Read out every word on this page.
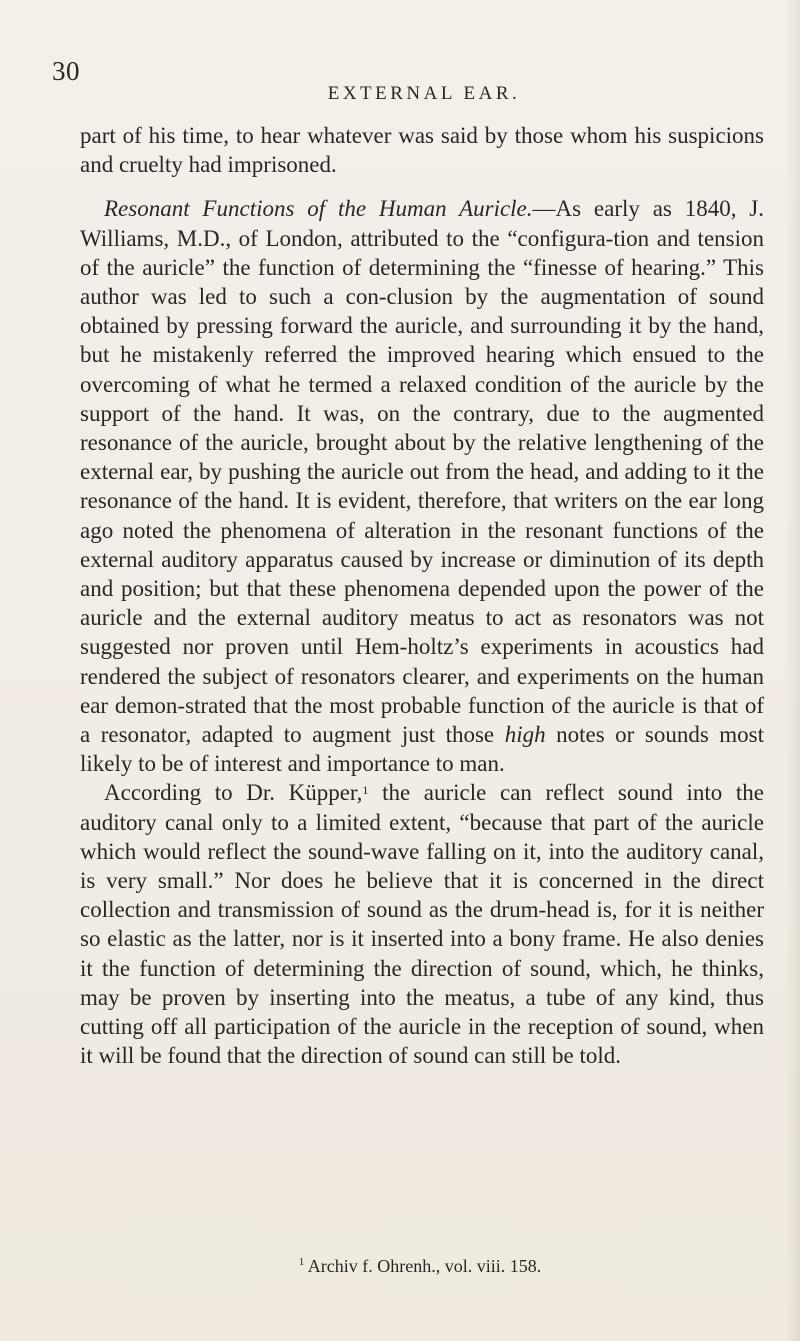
30
EXTERNAL EAR.

part of his time, to hear whatever was said by those whom his suspicions and cruelty had imprisoned.

Resonant Functions of the Human Auricle.—As early as 1840, J. Williams, M.D., of London, attributed to the “configura-tion and tension of the auricle” the function of determining the “finesse of hearing.” This author was led to such a con-clusion by the augmentation of sound obtained by pressing forward the auricle, and surrounding it by the hand, but he mistakenly referred the improved hearing which ensued to the overcoming of what he termed a relaxed condition of the auricle by the support of the hand. It was, on the contrary, due to the augmented resonance of the auricle, brought about by the relative lengthening of the external ear, by pushing the auricle out from the head, and adding to it the resonance of the hand. It is evident, therefore, that writers on the ear long ago noted the phenomena of alteration in the resonant functions of the external auditory apparatus caused by increase or diminution of its depth and position; but that these phenomena depended upon the power of the auricle and the external auditory meatus to act as resonators was not suggested nor proven until Hem-holtz’s experiments in acoustics had rendered the subject of resonators clearer, and experiments on the human ear demon-strated that the most probable function of the auricle is that of a resonator, adapted to augment just those high notes or sounds most likely to be of interest and importance to man.

According to Dr. Küpper,$^1$ the auricle can reflect sound into the auditory canal only to a limited extent, “because that part of the auricle which would reflect the sound-wave falling on it, into the auditory canal, is very small.” Nor does he believe that it is concerned in the direct collection and transmission of sound as the drum-head is, for it is neither so elastic as the latter, nor is it inserted into a bony frame. He also denies it the function of determining the direction of sound, which, he thinks, may be proven by inserting into the meatus, a tube of any kind, thus cutting off all participation of the auricle in the reception of sound, when it will be found that the direction of sound can still be told.

$^1$ Archiv f. Ohrenh., vol. viii. 158.
